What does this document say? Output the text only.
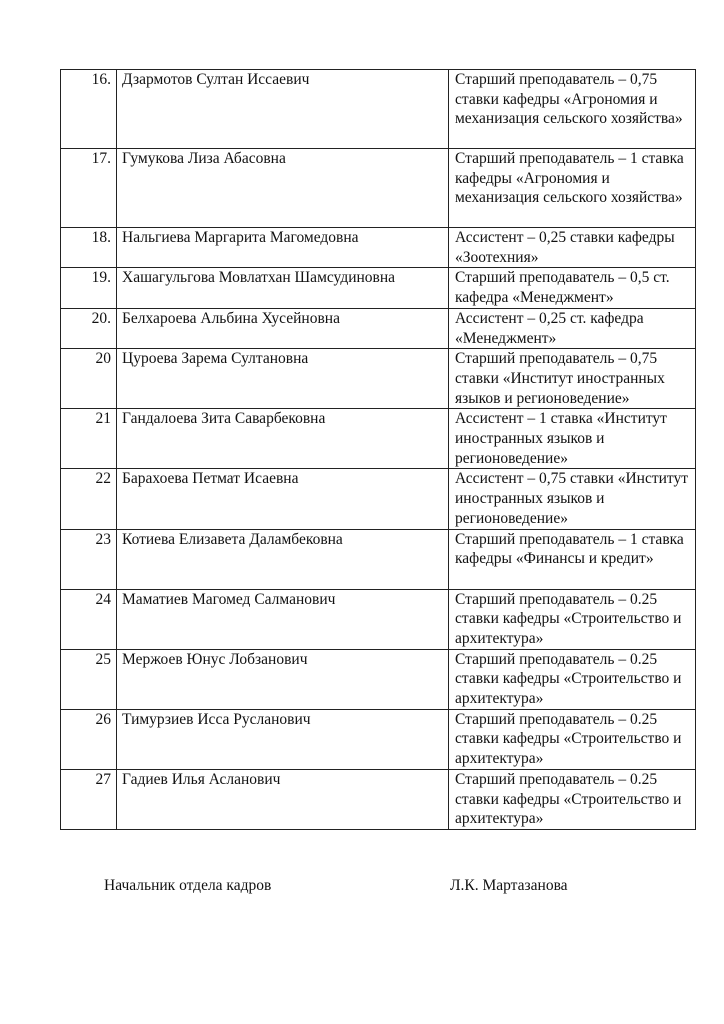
16.	Дзармотов Султан Иссаевич	Старший преподаватель – 0,75 ставки кафедры «Агрономия и механизация сельского хозяйства»
17.	Гумукова Лиза Абасовна	Старший преподаватель – 1 ставка кафедры «Агрономия и механизация сельского хозяйства»
18.	Нальгиева Маргарита Магомедовна	Ассистент – 0,25 ставки кафедры «Зоотехния»
19.	Хашагульгова Мовлатхан Шамсудиновна	Старший преподаватель – 0,5 ст. кафедра «Менеджмент»
20.	Белхароева Альбина Хусейновна	Ассистент – 0,25 ст. кафедра «Менеджмент»
20	Цуроева Зарема Султановна	Старший преподаватель – 0,75 ставки «Институт иностранных языков и регионоведение»
21	Гандалоева Зита Саварбековна	Ассистент – 1 ставка «Институт иностранных языков и регионоведение»
22	Барахоева Петмат Исаевна	Ассистент – 0,75 ставки «Институт иностранных языков и регионоведение»
23	Котиева Елизавета Даламбековна	Старший преподаватель – 1 ставка кафедры «Финансы и кредит»
24	Маматиев Магомед Салманович	Старший преподаватель – 0.25 ставки кафедры «Строительство и архитектура»
25	Мержоев Юнус Лобзанович	Старший преподаватель – 0.25 ставки кафедры «Строительство и архитектура»
26	Тимурзиев Исса Русланович	Старший преподаватель – 0.25 ставки кафедры «Строительство и архитектура»
27	Гадиев Илья Асланович	Старший преподаватель – 0.25 ставки кафедры «Строительство и архитектура»
Начальник отдела кадров	Л.К. Мартазанова
